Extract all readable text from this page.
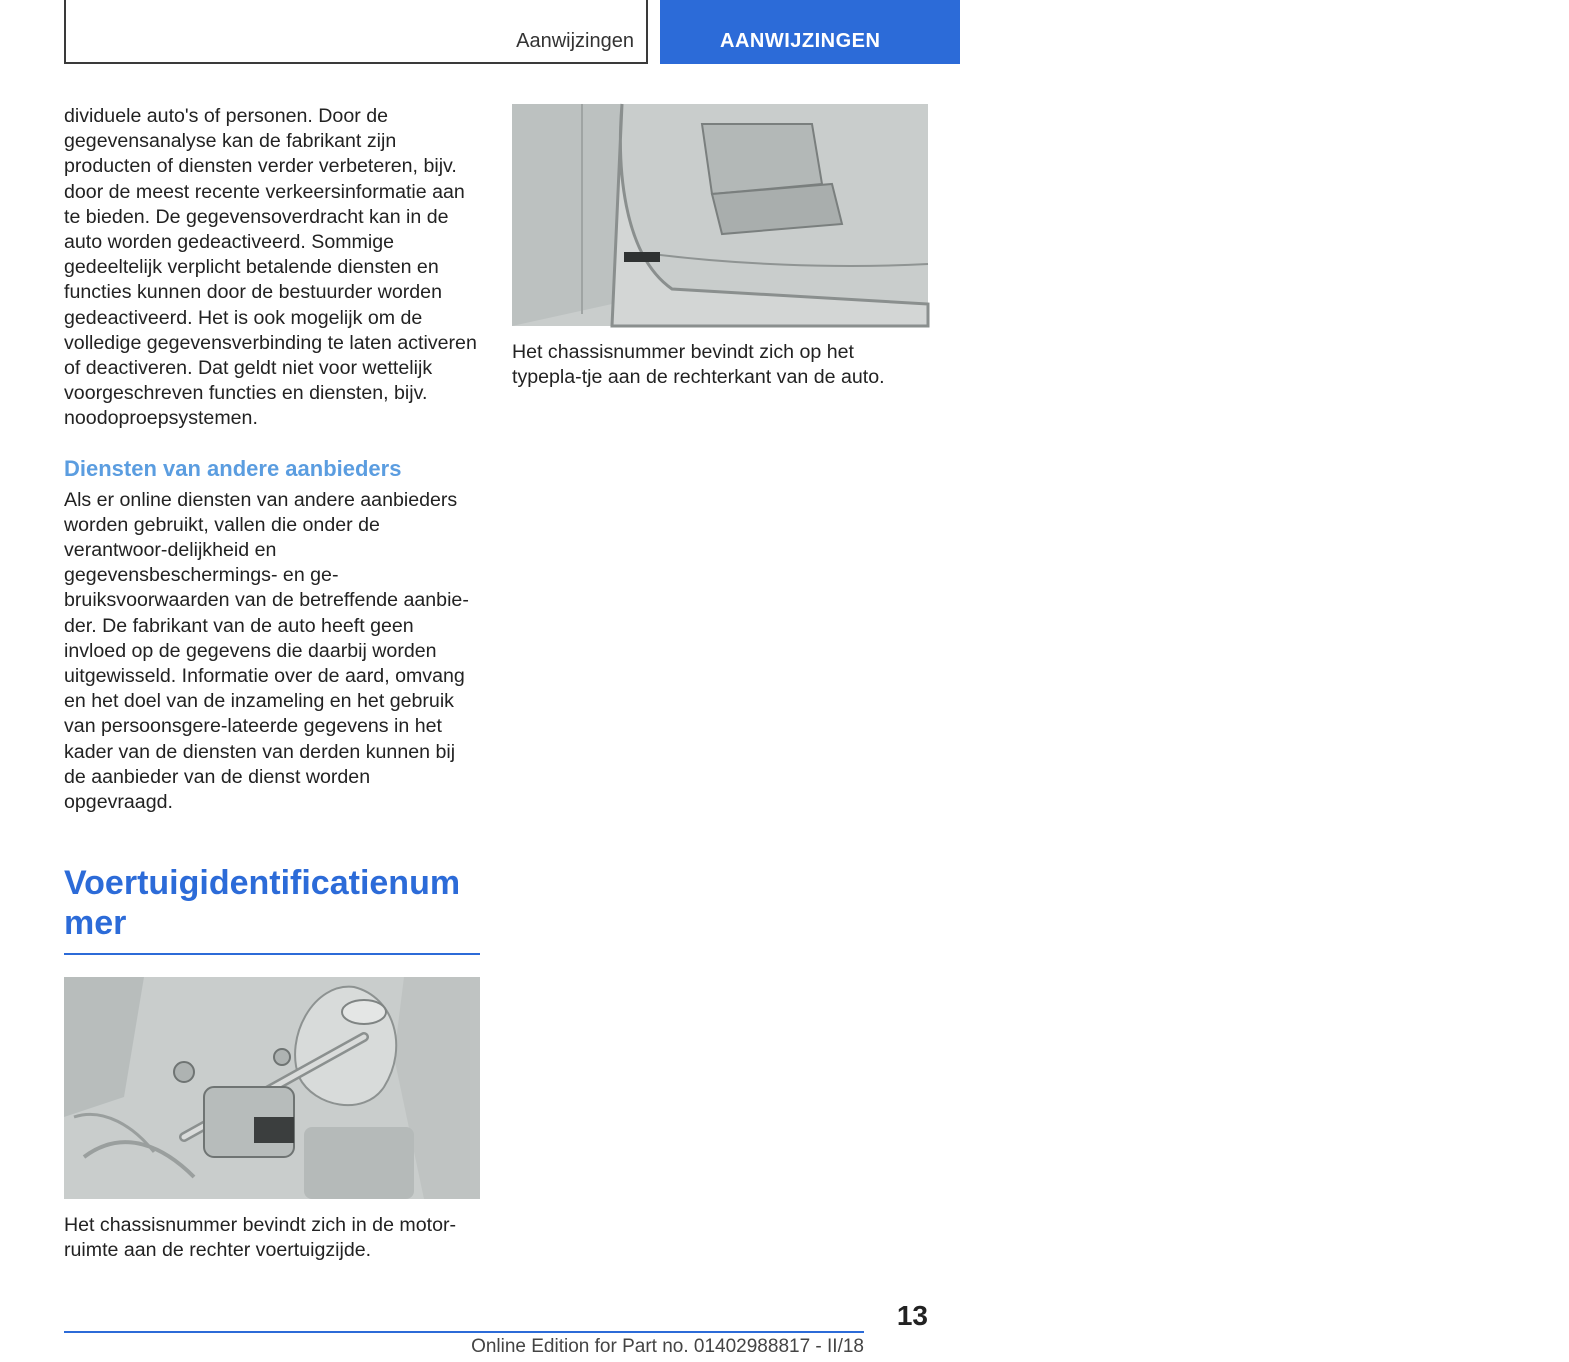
Aanwijzingen	AANWIJZINGEN	!

dividuele auto's of personen. Door de gegevensanalyse kan de fabrikant zijn producten of diensten verder verbeteren, bijv. door de meest recente verkeersinformatie aan te bieden. De gegevensoverdracht kan in de auto worden gedeactiveerd. Sommige gedeeltelijk verplicht betalende diensten en functies kunnen door de bestuurder worden gedeactiveerd. Het is ook mogelijk om de volledige gegevensverbinding te laten activeren of deactiveren. Dat geldt niet voor wettelijk voorgeschreven functies en diensten, bijv. noodoproepsystemen.

Diensten van andere aanbieders

Als er online diensten van andere aanbieders worden gebruikt, vallen die onder de verantwoor-delijkheid en gegevensbeschermings- en ge-bruiksvoorwaarden van de betreffende aanbie-der. De fabrikant van de auto heeft geen invloed op de gegevens die daarbij worden uitgewisseld. Informatie over de aard, omvang en het doel van de inzameling en het gebruik van persoonsgere-lateerde gegevens in het kader van de diensten van derden kunnen bij de aanbieder van de dienst worden opgevraagd.

Voertuigidentificatienummer

Het chassisnummer bevindt zich in de motor-ruimte aan de rechter voertuigzijde.

Het chassisnummer bevindt zich op het typepla-tje aan de rechterkant van de auto.

13
Online Edition for Part no. 01402988817 - II/18
